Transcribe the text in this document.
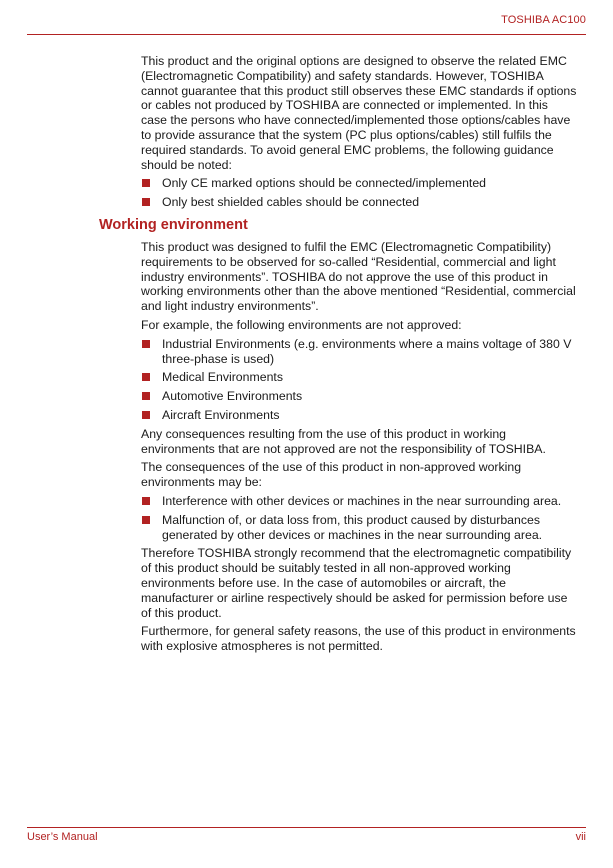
TOSHIBA AC100

This product and the original options are designed to observe the related EMC (Electromagnetic Compatibility) and safety standards. However, TOSHIBA cannot guarantee that this product still observes these EMC standards if options or cables not produced by TOSHIBA are connected or implemented. In this case the persons who have connected/implemented those options/cables have to provide assurance that the system (PC plus options/cables) still fulfils the required standards. To avoid general EMC problems, the following guidance should be noted:

Only CE marked options should be connected/implemented
Only best shielded cables should be connected
Working environment

This product was designed to fulfil the EMC (Electromagnetic Compatibility) requirements to be observed for so-called “Residential, commercial and light industry environments”. TOSHIBA do not approve the use of this product in working environments other than the above mentioned “Residential, commercial and light industry environments”.

For example, the following environments are not approved:

Industrial Environments (e.g. environments where a mains voltage of 380 V three-phase is used)
Medical Environments
Automotive Environments
Aircraft Environments

Any consequences resulting from the use of this product in working environments that are not approved are not the responsibility of TOSHIBA.

The consequences of the use of this product in non-approved working environments may be:

Interference with other devices or machines in the near surrounding area.
Malfunction of, or data loss from, this product caused by disturbances generated by other devices or machines in the near surrounding area.

Therefore TOSHIBA strongly recommend that the electromagnetic compatibility of this product should be suitably tested in all non-approved working environments before use. In the case of automobiles or aircraft, the manufacturer or airline respectively should be asked for permission before use of this product.

Furthermore, for general safety reasons, the use of this product in environments with explosive atmospheres is not permitted.

User’s Manual	vii
